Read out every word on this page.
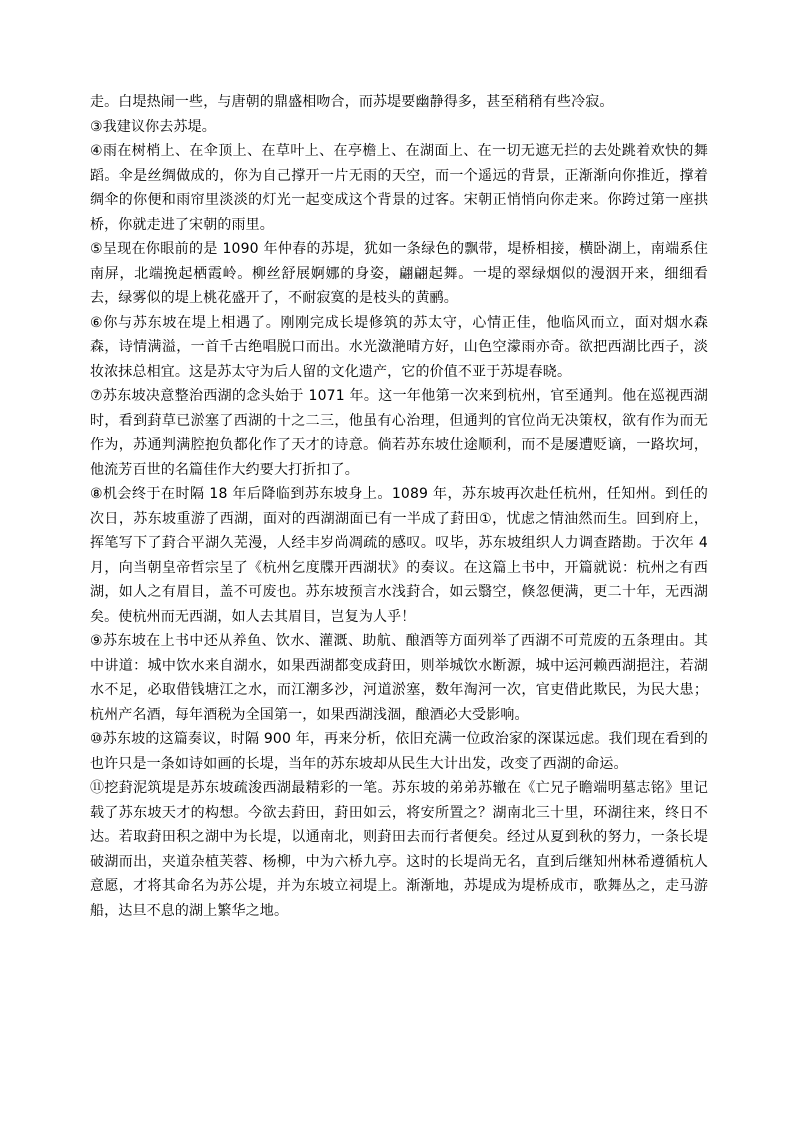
走。白堤热闹一些，与唐朝的鼎盛相吻合，而苏堤要幽静得多，甚至稍稍有些冷寂。

③我建议你去苏堤。

④雨在树梢上、在伞顶上、在草叶上、在亭檐上、在湖面上、在一切无遮无拦的去处跳着欢快的舞蹈。伞是丝绸做成的，你为自己撑开一片无雨的天空，而一个遥远的背景，正渐渐向你推近，撑着绸伞的你便和雨帘里淡淡的灯光一起变成这个背景的过客。宋朝正悄悄向你走来。你跨过第一座拱桥，你就走进了宋朝的雨里。

⑤呈现在你眼前的是 1090 年仲春的苏堤，犹如一条绿色的飘带，堤桥相接，横卧湖上，南端系住南屏，北端挽起栖霞岭。柳丝舒展婀娜的身姿，翩翩起舞。一堤的翠绿烟似的漫洇开来，细细看去，绿雾似的堤上桃花盛开了，不耐寂寞的是枝头的黄鹂。

⑥你与苏东坡在堤上相遇了。刚刚完成长堤修筑的苏太守，心情正佳，他临风而立，面对烟水森森，诗情满溢，一首千古绝唱脱口而出。水光潋滟晴方好，山色空濛雨亦奇。欲把西湖比西子，淡妆浓抹总相宜。这是苏太守为后人留的文化遗产，它的价值不亚于苏堤春晓。

⑦苏东坡决意整治西湖的念头始于 1071 年。这一年他第一次来到杭州，官至通判。他在巡视西湖时，看到葑草已淤塞了西湖的十之二三，他虽有心治理，但通判的官位尚无决策权，欲有作为而无作为，苏通判满腔抱负都化作了天才的诗意。倘若苏东坡仕途顺利，而不是屡遭贬谪，一路坎坷，他流芳百世的名篇佳作大约要大打折扣了。

⑧机会终于在时隔 18 年后降临到苏东坡身上。1089 年，苏东坡再次赴任杭州，任知州。到任的次日，苏东坡重游了西湖，面对的西湖湖面已有一半成了葑田①，忧虑之情油然而生。回到府上，挥笔写下了葑合平湖久芜漫，人经丰岁尚凋疏的感叹。叹毕，苏东坡组织人力调查踏勘。于次年 4 月，向当朝皇帝哲宗呈了《杭州乞度牒开西湖状》的奏议。在这篇上书中，开篇就说：杭州之有西湖，如人之有眉目，盖不可废也。苏东坡预言水浅葑合，如云翳空，倏忽便满，更二十年，无西湖矣。使杭州而无西湖，如人去其眉目，岂复为人乎！

⑨苏东坡在上书中还从养鱼、饮水、灌溉、助航、酿酒等方面列举了西湖不可荒废的五条理由。其中讲道：城中饮水来自湖水，如果西湖都变成葑田，则举城饮水断源，城中运河赖西湖挹注，若湖水不足，必取借钱塘江之水，而江潮多沙，河道淤塞，数年淘河一次，官吏借此欺民，为民大患；杭州产名酒，每年酒税为全国第一，如果西湖浅涸，酿酒必大受影响。

⑩苏东坡的这篇奏议，时隔 900 年，再来分析，依旧充满一位政治家的深谋远虑。我们现在看到的也许只是一条如诗如画的长堤，当年的苏东坡却从民生大计出发，改变了西湖的命运。

⑪挖葑泥筑堤是苏东坡疏浚西湖最精彩的一笔。苏东坡的弟弟苏辙在《亡兄子瞻端明墓志铭》里记载了苏东坡天才的构想。今欲去葑田，葑田如云，将安所置之？湖南北三十里，环湖往来，终日不达。若取葑田积之湖中为长堤，以通南北，则葑田去而行者便矣。经过从夏到秋的努力，一条长堤破湖而出，夹道杂植芙蓉、杨柳，中为六桥九亭。这时的长堤尚无名，直到后继知州林希遵循杭人意愿，才将其命名为苏公堤，并为东坡立祠堤上。渐渐地，苏堤成为堤桥成市，歌舞丛之，走马游船，达旦不息的湖上繁华之地。
